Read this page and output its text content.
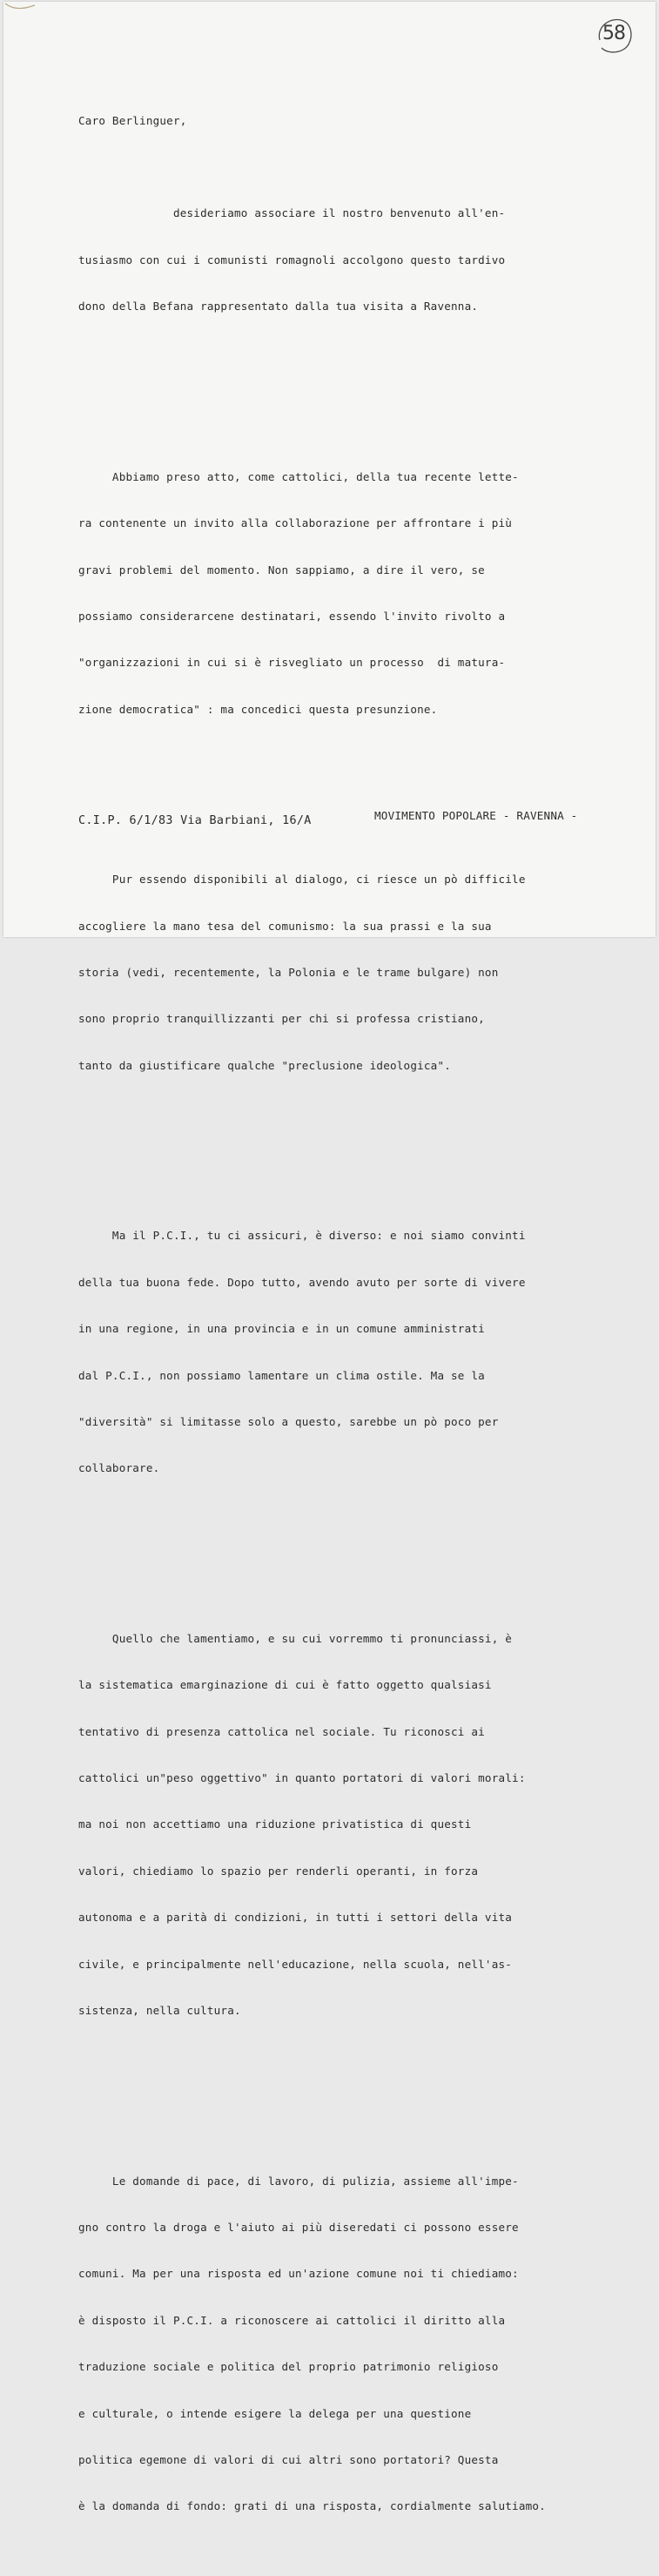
58

Caro Berlinguer,

desideriamo associare il nostro benvenuto all'en-

tusiasmo con cui i comunisti romagnoli accolgono questo tardivo

dono della Befana rappresentato dalla tua visita a Ravenna.

Abbiamo preso atto, come cattolici, della tua recente lette-

ra contenente un invito alla collaborazione per affrontare i più

gravi problemi del momento. Non sappiamo, a dire il vero, se

possiamo considerarcene destinatari, essendo l'invito rivolto a

"organizzazioni in cui si è risvegliato un processo  di matura-

zione democratica" : ma concedici questa presunzione.

Pur essendo disponibili al dialogo, ci riesce un pò difficile

accogliere la mano tesa del comunismo: la sua prassi e la sua

storia (vedi, recentemente, la Polonia e le trame bulgare) non

sono proprio tranquillizzanti per chi si professa cristiano,

tanto da giustificare qualche "preclusione ideologica".

Ma il P.C.I., tu ci assicuri, è diverso: e noi siamo convinti

della tua buona fede. Dopo tutto, avendo avuto per sorte di vivere

in una regione, in una provincia e in un comune amministrati

dal P.C.I., non possiamo lamentare un clima ostile. Ma se la

"diversità" si limitasse solo a questo, sarebbe un pò poco per

collaborare.

Quello che lamentiamo, e su cui vorremmo ti pronunciassi, è

la sistematica emarginazione di cui è fatto oggetto qualsiasi

tentativo di presenza cattolica nel sociale. Tu riconosci ai

cattolici un"peso oggettivo" in quanto portatori di valori morali:

ma noi non accettiamo una riduzione privatistica di questi

valori, chiediamo lo spazio per renderli operanti, in forza

autonoma e a parità di condizioni, in tutti i settori della vita

civile, e principalmente nell'educazione, nella scuola, nell'as-

sistenza, nella cultura.

Le domande di pace, di lavoro, di pulizia, assieme all'impe-

gno contro la droga e l'aiuto ai più diseredati ci possono essere

comuni. Ma per una risposta ed un'azione comune noi ti chiediamo:

è disposto il P.C.I. a riconoscere ai cattolici il diritto alla

traduzione sociale e politica del proprio patrimonio religioso

e culturale, o intende esigere la delega per una questione

politica egemone di valori di cui altri sono portatori? Questa

è la domanda di fondo: grati di una risposta, cordialmente salutiamo.

C.I.P. 6/1/83 Via Barbiani, 16/A	MOVIMENTO POPOLARE - RAVENNA -
